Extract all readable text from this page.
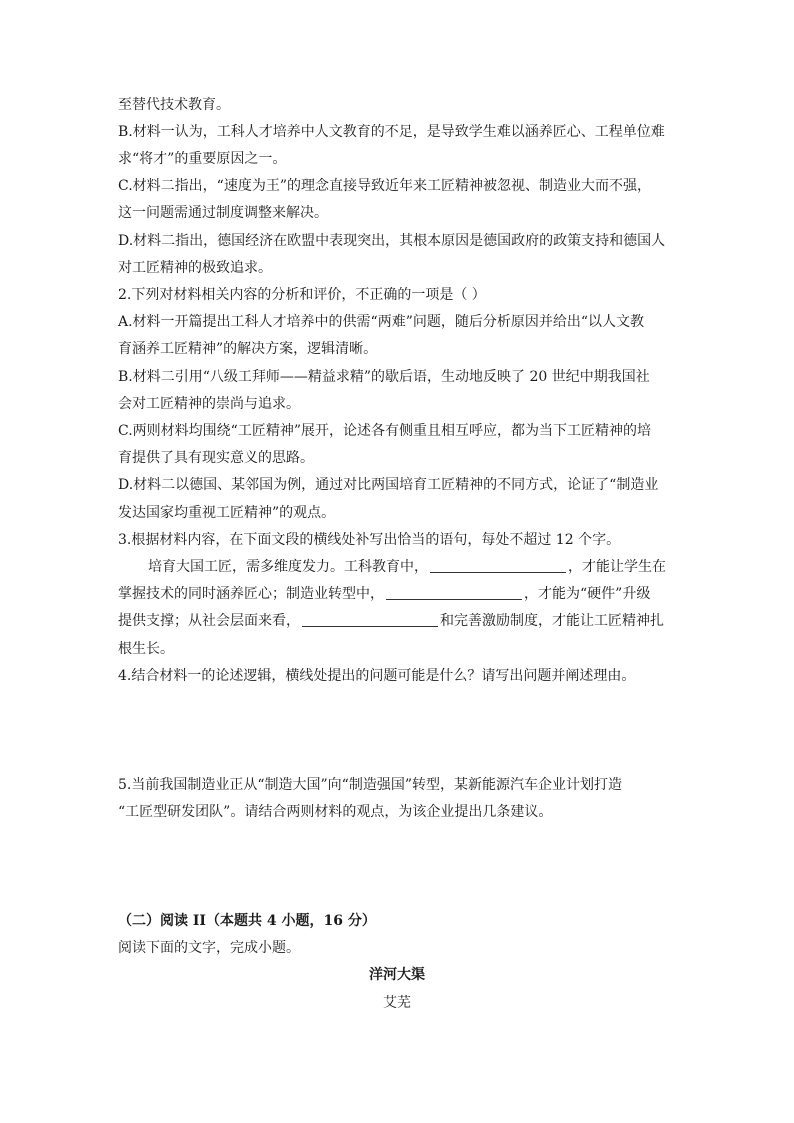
至替代技术教育。
B.材料一认为，工科人才培养中人文教育的不足，是导致学生难以涵养匠心、工程单位难
求“将才”的重要原因之一。
C.材料二指出，“速度为王”的理念直接导致近年来工匠精神被忽视、制造业大而不强，
这一问题需通过制度调整来解决。
D.材料二指出，德国经济在欧盟中表现突出，其根本原因是德国政府的政策支持和德国人
对工匠精神的极致追求。
2.下列对材料相关内容的分析和评价，不正确的一项是（ ）
A.材料一开篇提出工科人才培养中的供需“两难”问题，随后分析原因并给出“以人文教
育涵养工匠精神”的解决方案，逻辑清晰。
B.材料二引用“八级工拜师——精益求精”的歇后语，生动地反映了 20 世纪中期我国社
会对工匠精神的崇尚与追求。
C.两则材料均围绕“工匠精神”展开，论述各有侧重且相互呼应，都为当下工匠精神的培
育提供了具有现实意义的思路。
D.材料二以德国、某邻国为例，通过对比两国培育工匠精神的不同方式，论证了“制造业
发达国家均重视工匠精神”的观点。
3.根据材料内容，在下面文段的横线处补写出恰当的语句，每处不超过 12 个字。
培育大国工匠，需多维度发力。工科教育中，	，才能让学生在
掌握技术的同时涵养匠心；制造业转型中，	，才能为“硬件”升级
提供支撑；从社会层面来看，	和完善激励制度，才能让工匠精神扎
根生长。
4.结合材料一的论述逻辑，横线处提出的问题可能是什么？请写出问题并阐述理由。
5.当前我国制造业正从“制造大国”向“制造强国”转型，某新能源汽车企业计划打造
“工匠型研发团队”。请结合两则材料的观点，为该企业提出几条建议。
（二）阅读 II（本题共 4 小题，16 分）
阅读下面的文字，完成小题。
洋河大渠
艾芜
